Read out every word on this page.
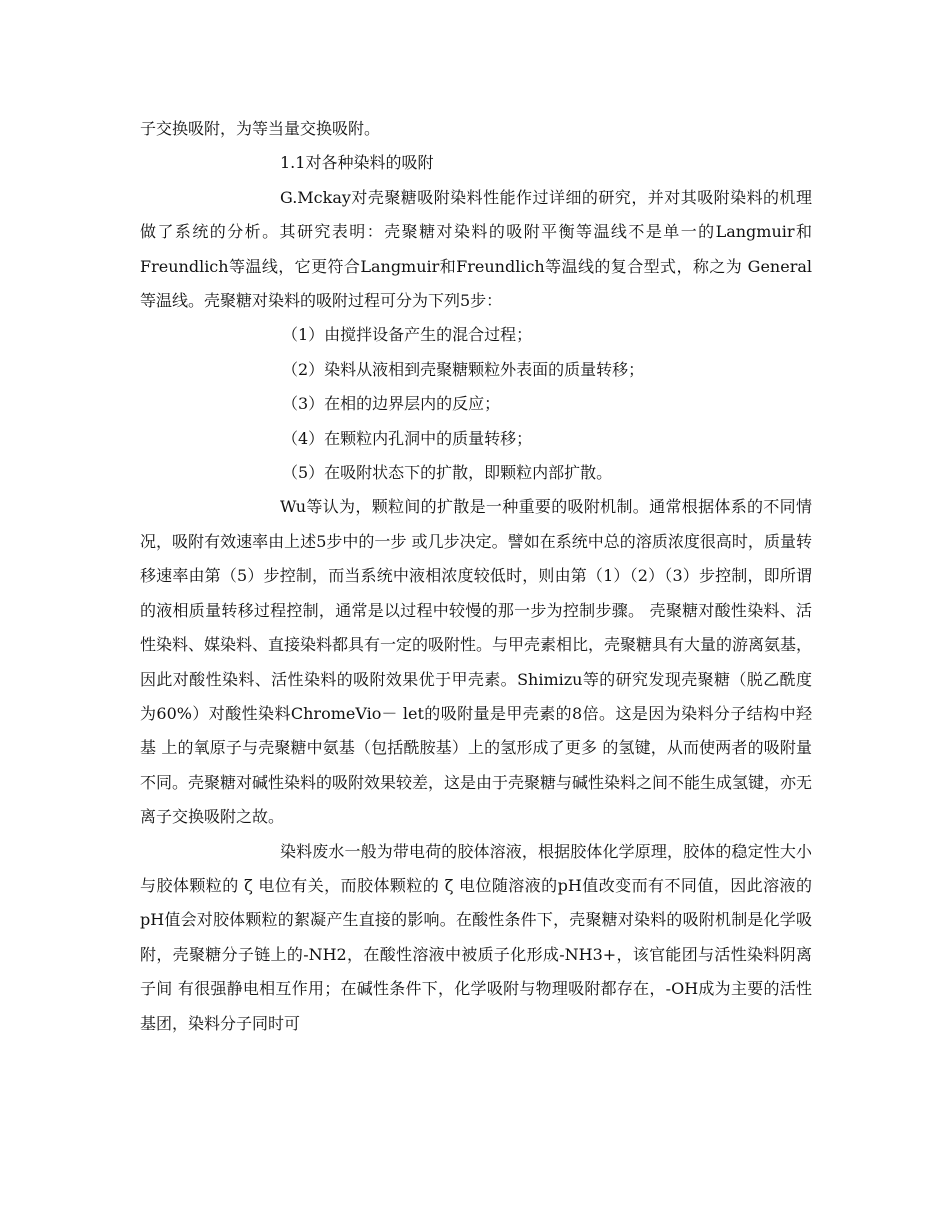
子交换吸附，为等当量交换吸附。

1.1对各种染料的吸附

G.Mckay对壳聚糖吸附染料性能作过详细的研究，并对其吸附染料的机理做了系统的分析。其研究表明：壳聚糖对染料的吸附平衡等温线不是单一的Langmuir和Freundlich等温线，它更符合Langmuir和Freundlich等温线的复合型式，称之为 General等温线。壳聚糖对染料的吸附过程可分为下列5步：

（1）由搅拌设备产生的混合过程；

（2）染料从液相到壳聚糖颗粒外表面的质量转移；

（3）在相的边界层内的反应；

（4）在颗粒内孔洞中的质量转移；

（5）在吸附状态下的扩散，即颗粒内部扩散。

Wu等认为，颗粒间的扩散是一种重要的吸附机制。通常根据体系的不同情况，吸附有效速率由上述5步中的一步 或几步决定。譬如在系统中总的溶质浓度很高时，质量转移速率由第（5）步控制，而当系统中液相浓度较低时，则由第（1）（2）（3）步控制，即所谓的液相质量转移过程控制，通常是以过程中较慢的那一步为控制步骤。 壳聚糖对酸性染料、活性染料、媒染料、直接染料都具有一定的吸附性。与甲壳素相比，壳聚糖具有大量的游离氨基，因此对酸性染料、活性染料的吸附效果优于甲壳素。Shimizu等的研究发现壳聚糖（脱乙酰度为60%）对酸性染料ChromeVio－ let的吸附量是甲壳素的8倍。这是因为染料分子结构中羟基 上的氧原子与壳聚糖中氨基（包括酰胺基）上的氢形成了更多 的氢键，从而使两者的吸附量不同。壳聚糖对碱性染料的吸附效果较差，这是由于壳聚糖与碱性染料之间不能生成氢键，亦无离子交换吸附之故。

染料废水一般为带电荷的胶体溶液，根据胶体化学原理，胶体的稳定性大小与胶体颗粒的 ζ 电位有关，而胶体颗粒的 ζ 电位随溶液的pH值改变而有不同值，因此溶液的pH值会对胶体颗粒的絮凝产生直接的影响。在酸性条件下，壳聚糖对染料的吸附机制是化学吸附，壳聚糖分子链上的-NH2，在酸性溶液中被质子化形成-NH3+，该官能团与活性染料阴离子间 有很强静电相互作用；在碱性条件下，化学吸附与物理吸附都存在，-OH成为主要的活性基团，染料分子同时可
